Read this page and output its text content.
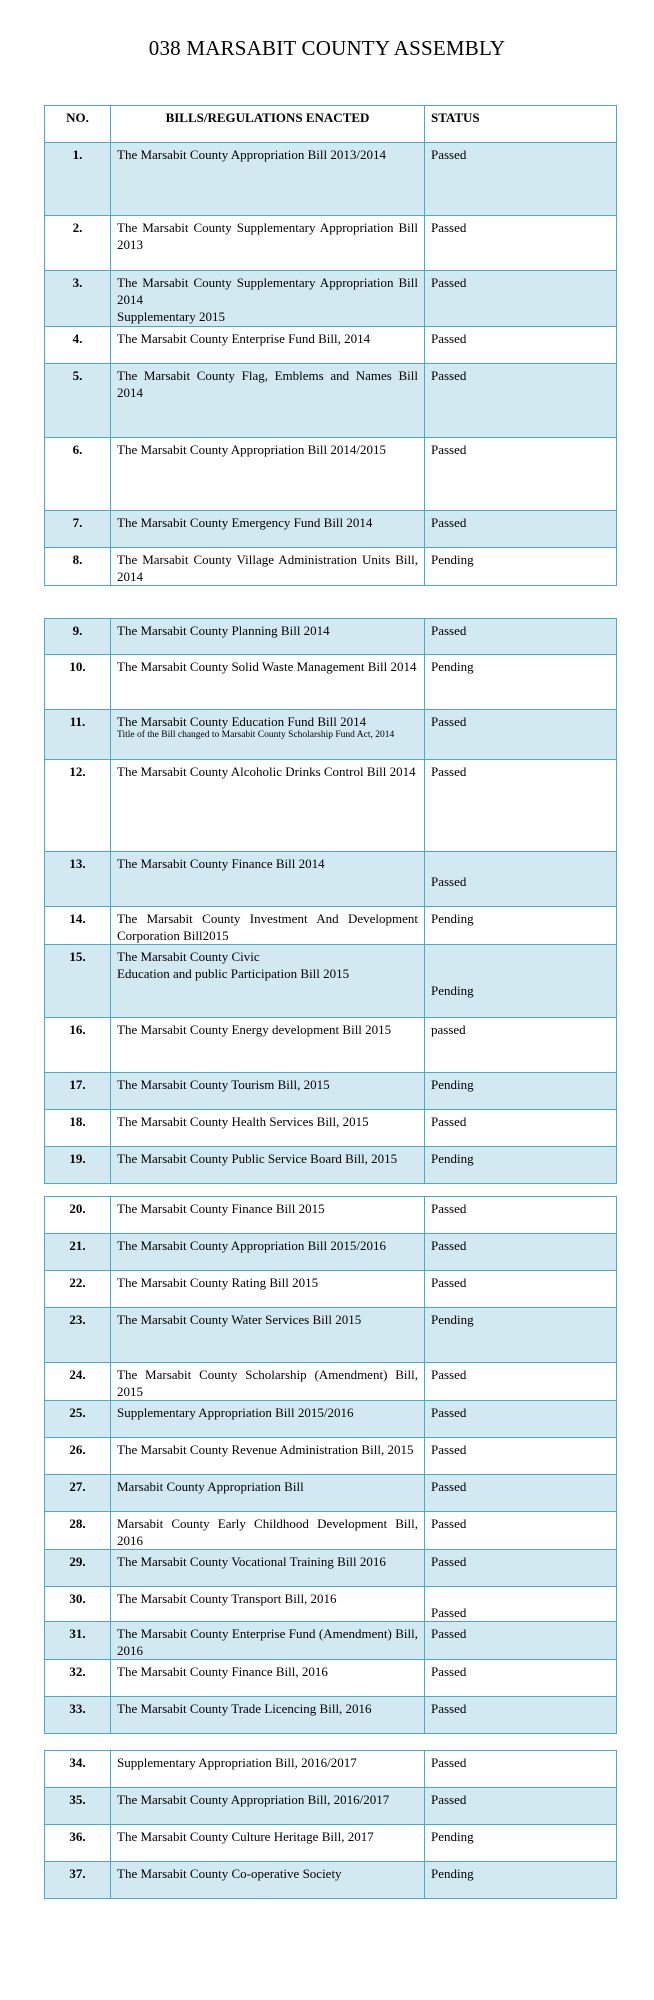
038 MARSABIT COUNTY ASSEMBLY
NO.	BILLS/REGULATIONS ENACTED	STATUS
1.	The Marsabit County Appropriation Bill 2013/2014	Passed
2.	The Marsabit County Supplementary Appropriation Bill 2013	Passed
3.	The Marsabit County Supplementary Appropriation Bill 2014
Supplementary 2015	Passed
4.	The Marsabit County Enterprise Fund Bill, 2014	Passed
5.	The Marsabit County Flag, Emblems and Names Bill 2014	Passed
6.	The Marsabit County Appropriation Bill 2014/2015	Passed
7.	The Marsabit County Emergency Fund Bill 2014	Passed
8.	The Marsabit County Village Administration Units Bill, 2014	Pending
9.	The Marsabit County Planning Bill 2014	Passed
10.	The Marsabit County Solid Waste Management Bill 2014	Pending
11.	The Marsabit County Education Fund Bill 2014
Title of the Bill changed to Marsabit County Scholarship Fund Act, 2014	Passed
12.	The Marsabit County Alcoholic Drinks Control Bill 2014	Passed
13.	The Marsabit County Finance Bill 2014	Passed

14.	The Marsabit County Investment And Development Corporation Bill2015	Pending
15.	The Marsabit County Civic
Education and public Participation Bill 2015	Pending

16.	The Marsabit County Energy development Bill 2015	passed
17.	The Marsabit County Tourism Bill, 2015	Pending
18.	The Marsabit County Health Services Bill, 2015	Passed
19.	The Marsabit County Public Service Board Bill, 2015	Pending
20.	The Marsabit County Finance Bill 2015	Passed
21.	The Marsabit County Appropriation Bill 2015/2016	Passed
22.	The Marsabit County Rating Bill 2015	Passed
23.	The Marsabit County Water Services Bill 2015	Pending
24.	The Marsabit County Scholarship (Amendment) Bill, 2015	Passed
25.	Supplementary Appropriation Bill 2015/2016	Passed
26.	The Marsabit County Revenue Administration Bill, 2015	Passed
27.	Marsabit County Appropriation Bill	Passed
28.	Marsabit County Early Childhood Development Bill, 2016	Passed
29.	The Marsabit County Vocational Training Bill 2016	Passed
30.	The Marsabit County Transport Bill, 2016	Passed

31.	The Marsabit County Enterprise Fund (Amendment) Bill, 2016	Passed
32.	The Marsabit County Finance Bill, 2016	Passed
33.	The Marsabit County Trade Licencing Bill, 2016	Passed
34.	Supplementary Appropriation Bill, 2016/2017	Passed
35.	The Marsabit County Appropriation Bill, 2016/2017	Passed
36.	The Marsabit County Culture Heritage Bill, 2017	Pending
37.	The Marsabit County Co-operative Society	Pending
